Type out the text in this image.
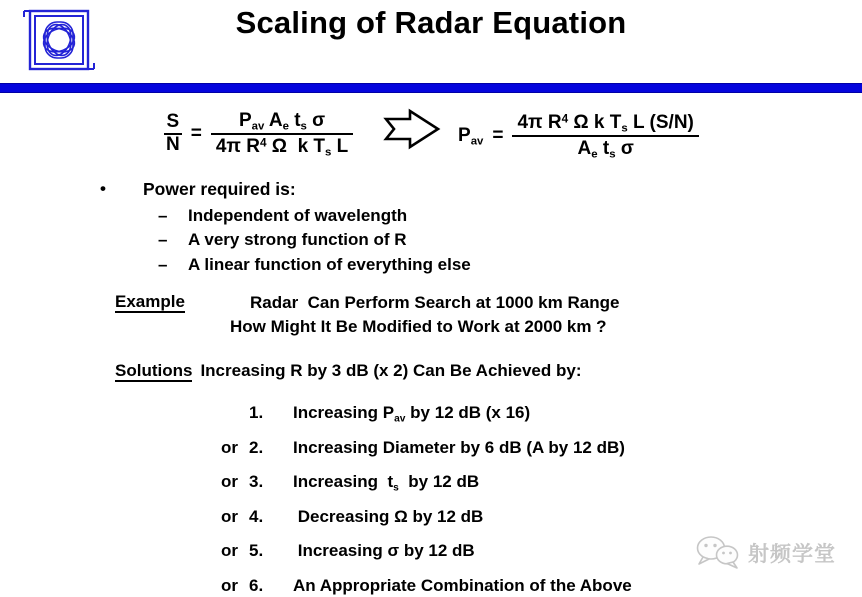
Scaling of Radar Equation
S
N
= $\frac{P_{av} A_e t_s \sigma}{4\pi R^4 \Omega k T_s L}$	$P_{av} = \frac{4\pi R^4 \Omega k T_s L (S/N)}{A_e t_s \sigma}$
•	Power required is:
–	Independent of wavelength
–	A very strong function of R
–	A linear function of everything else
Example	Radar  Can Perform Search at 1000 km Range
How Might It Be Modified to Work at 2000 km ?
Solutions Increasing R by 3 dB (x 2) Can Be Achieved by:
1.	Increasing $P_{av}$ by 12 dB (x 16)
or 2.	Increasing Diameter by 6 dB (A by 12 dB)
or 3.	Increasing  $t_s$  by 12 dB
or 4.	Decreasing Ω by 12 dB
or 5.	Increasing σ by 12 dB
or 6.	An Appropriate Combination of the Above
射频学堂
